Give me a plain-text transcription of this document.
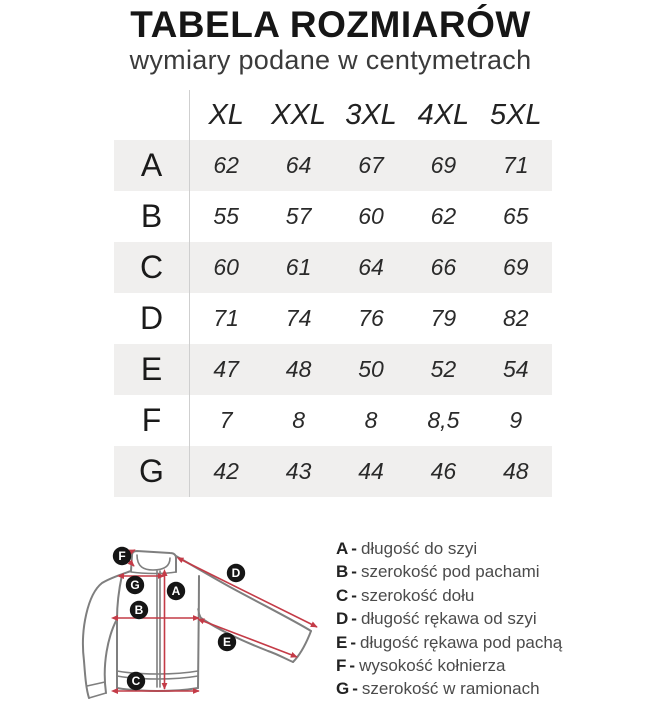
TABELA ROZMIARÓW
wymiary podane w centymetrach
XL XXL 3XL 4XL 5XL
A	62	64	67	69	71
B	55	57	60	62	65
C	60	61	64	66	69
D	71	74	76	79	82
E	47	48	50	52	54
F	7	8	8	8,5	9
G	42	43	44	46	48
F
G	A
B
D
E
C
A - długość do szyi
B - szerokość pod pachami
C - szerokość dołu
D - długość rękawa od szyi
E - długość rękawa pod pachą
F - wysokość kołnierza
G - szerokość w ramionach
